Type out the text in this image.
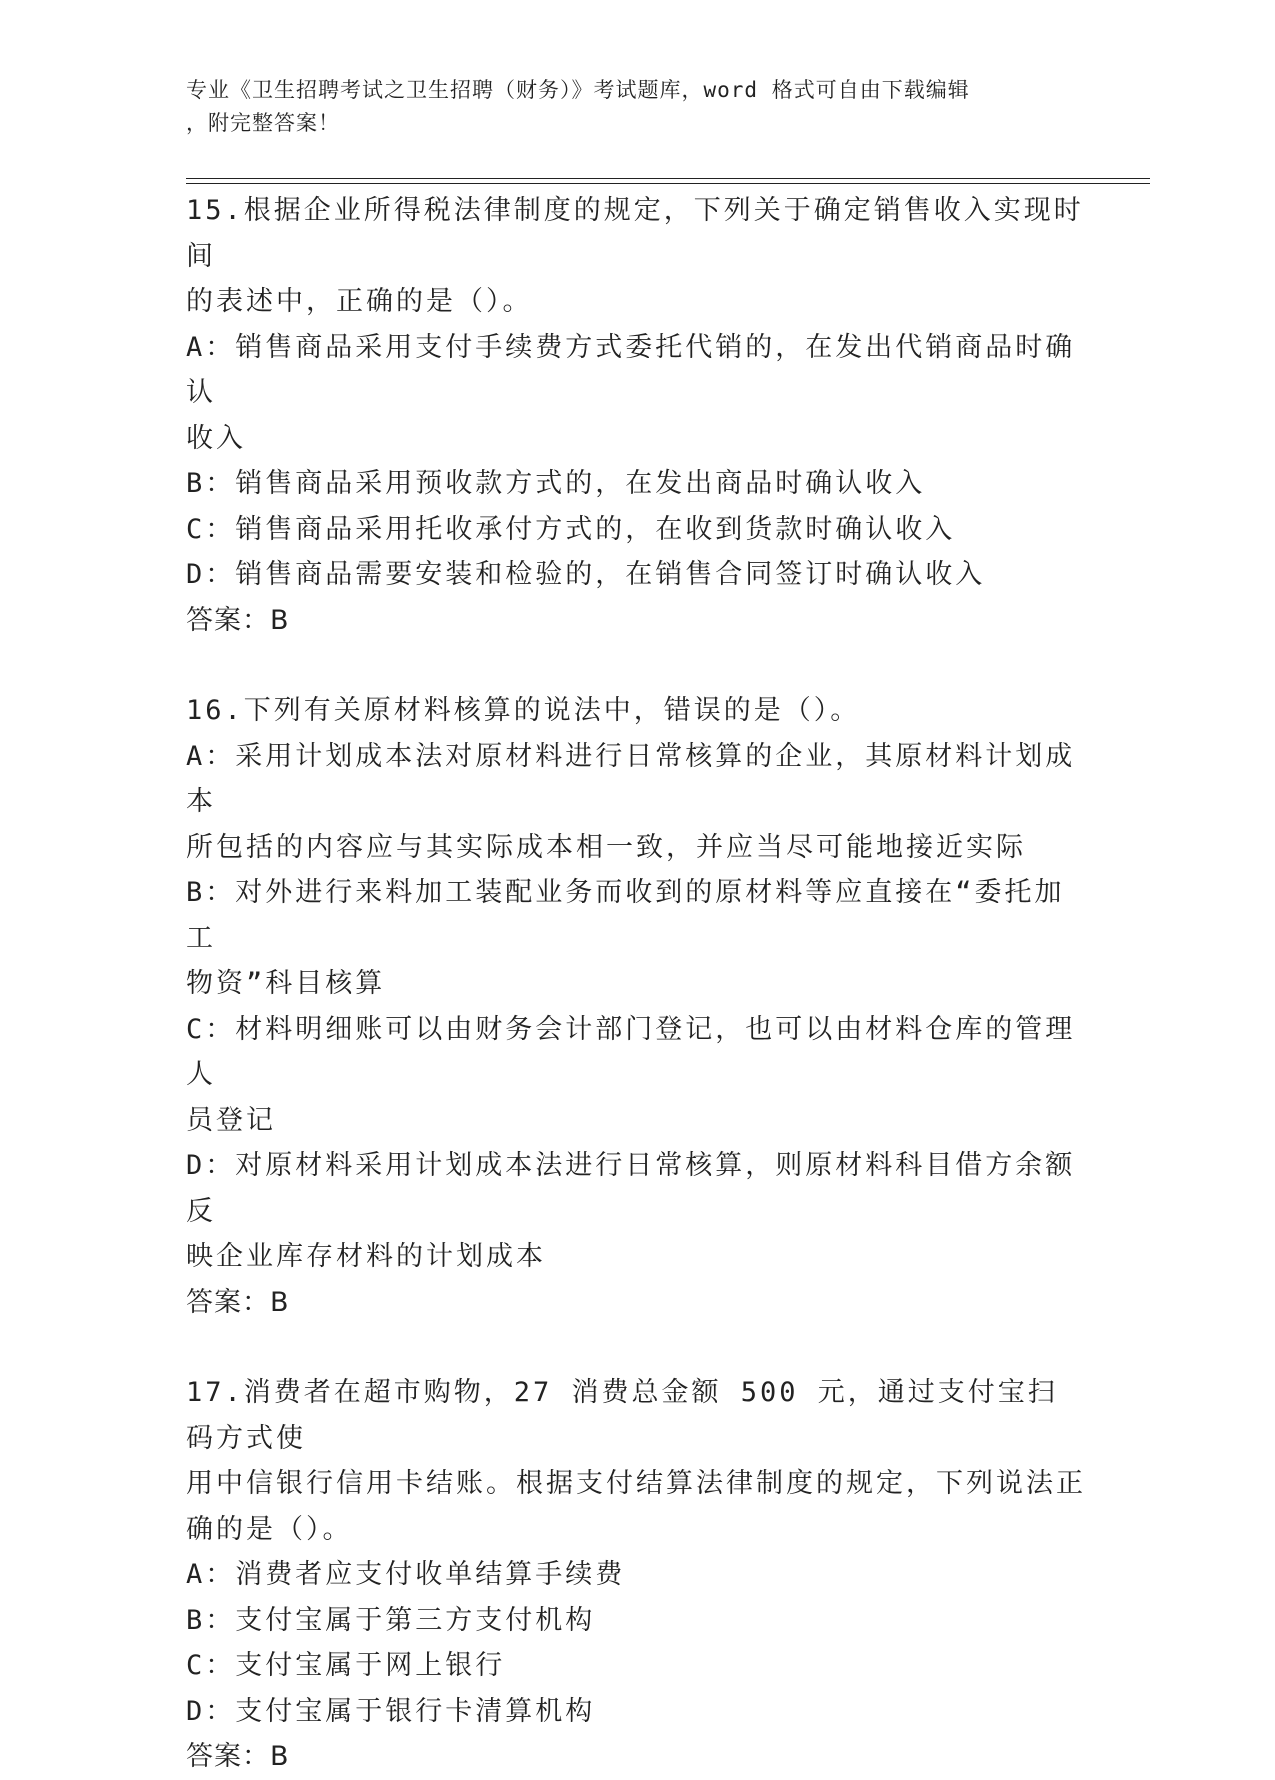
专业《卫生招聘考试之卫生招聘（财务）》考试题库，word 格式可自由下载编辑
，附完整答案！
15.根据企业所得税法律制度的规定，下列关于确定销售收入实现时间
的表述中，正确的是（）。
A：销售商品采用支付手续费方式委托代销的，在发出代销商品时确认
收入
B：销售商品采用预收款方式的，在发出商品时确认收入
C：销售商品采用托收承付方式的，在收到货款时确认收入
D：销售商品需要安装和检验的，在销售合同签订时确认收入
答案：B
16.下列有关原材料核算的说法中，错误的是（）。
A：采用计划成本法对原材料进行日常核算的企业，其原材料计划成本
所包括的内容应与其实际成本相一致，并应当尽可能地接近实际
B：对外进行来料加工装配业务而收到的原材料等应直接在“委托加工
物资”科目核算
C：材料明细账可以由财务会计部门登记，也可以由材料仓库的管理人
员登记
D：对原材料采用计划成本法进行日常核算，则原材料科目借方余额反
映企业库存材料的计划成本
答案：B
17.消费者在超市购物，27 消费总金额 500 元，通过支付宝扫码方式使
用中信银行信用卡结账。根据支付结算法律制度的规定，下列说法正
确的是（）。
A：消费者应支付收单结算手续费
B：支付宝属于第三方支付机构
C：支付宝属于网上银行
D：支付宝属于银行卡清算机构
答案：B
